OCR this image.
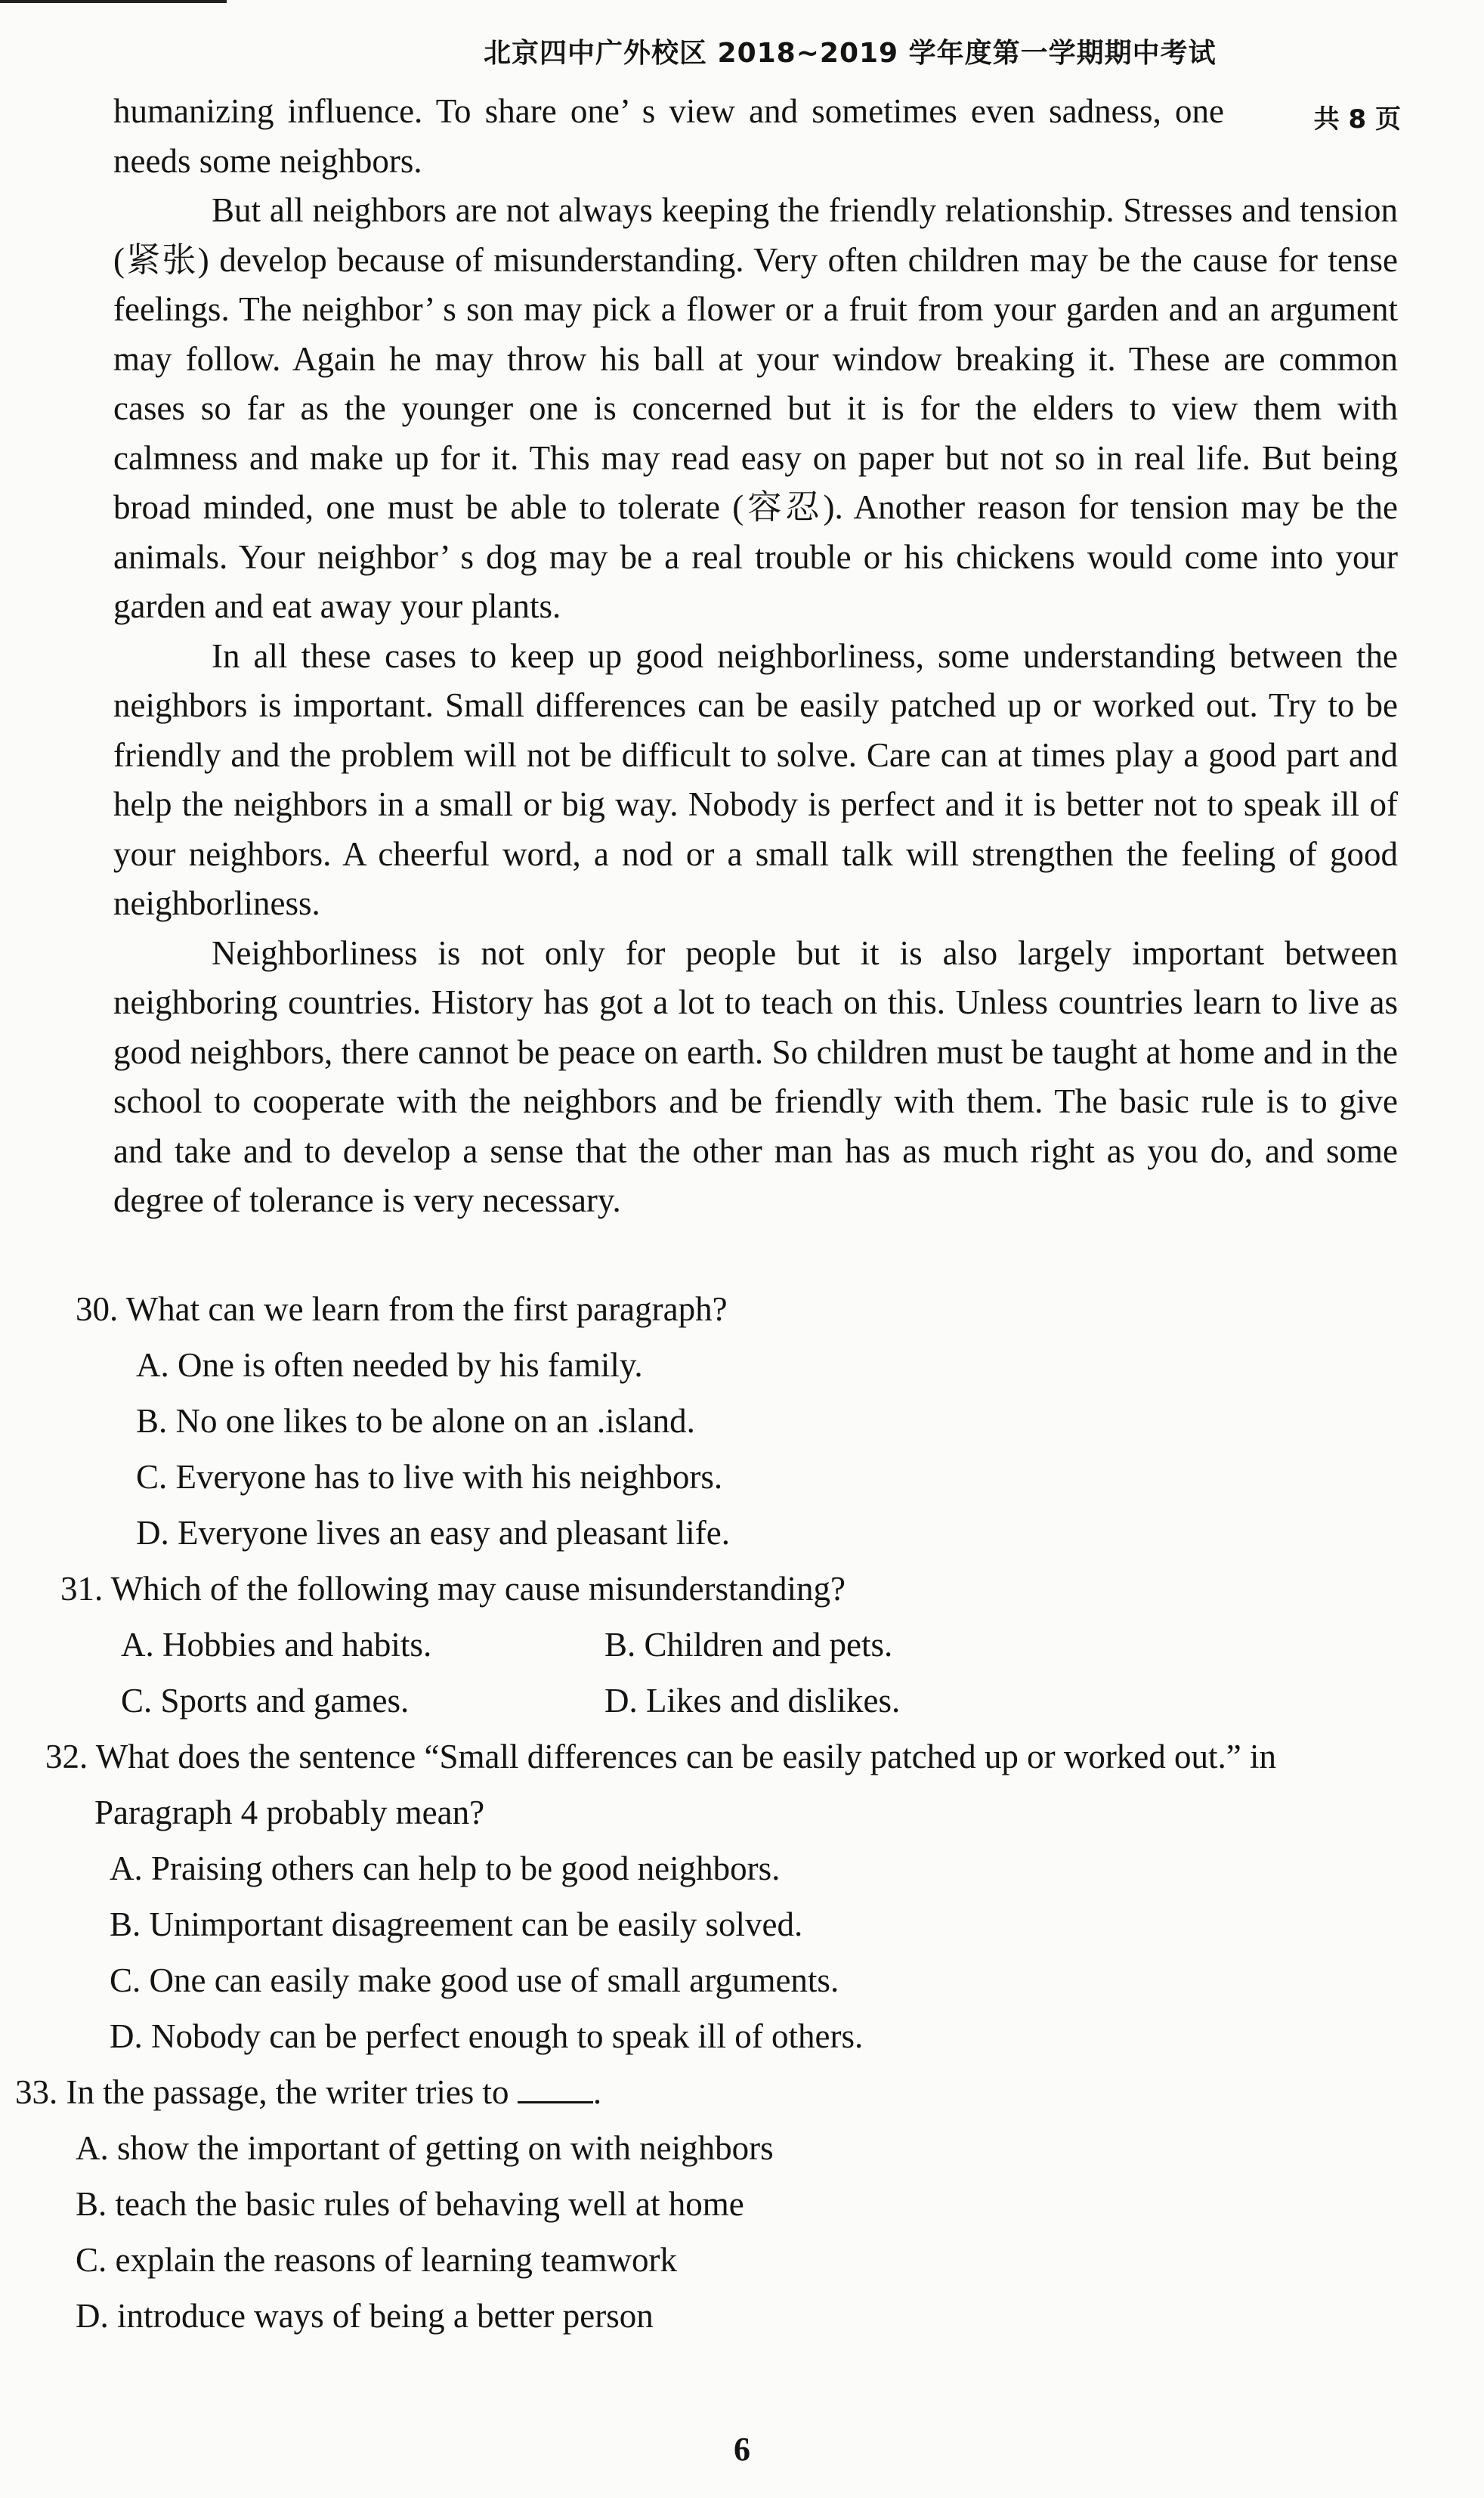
北京四中广外校区 2018~2019 学年度第一学期期中考试
共 8 页

humanizing influence. To share one’ s view and sometimes even sadness, one needs some neighbors.

But all neighbors are not always keeping the friendly relationship. Stresses and tension (紧张) develop because of misunderstanding. Very often children may be the cause for tense feelings. The neighbor’ s son may pick a flower or a fruit from your garden and an argument may follow. Again he may throw his ball at your window breaking it. These are common cases so far as the younger one is concerned but it is for the elders to view them with calmness and make up for it. This may read easy on paper but not so in real life. But being broad minded, one must be able to tolerate (容忍). Another reason for tension may be the animals. Your neighbor’ s dog may be a real trouble or his chickens would come into your garden and eat away your plants.

In all these cases to keep up good neighborliness, some understanding between the neighbors is important. Small differences can be easily patched up or worked out. Try to be friendly and the problem will not be difficult to solve. Care can at times play a good part and help the neighbors in a small or big way. Nobody is perfect and it is better not to speak ill of your neighbors. A cheerful word, a nod or a small talk will strengthen the feeling of good neighborliness.

Neighborliness is not only for people but it is also largely important between neighboring countries. History has got a lot to teach on this. Unless countries learn to live as good neighbors, there cannot be peace on earth. So children must be taught at home and in the school to cooperate with the neighbors and be friendly with them. The basic rule is to give and take and to develop a sense that the other man has as much right as you do, and some degree of tolerance is very necessary.

30. What can we learn from the first paragraph?
A. One is often needed by his family.
B. No one likes to be alone on an .island.
C. Everyone has to live with his neighbors.
D. Everyone lives an easy and pleasant life.
31. Which of the following may cause misunderstanding?
A. Hobbies and habits.	B. Children and pets.
C. Sports and games.	D. Likes and dislikes.
32. What does the sentence “Small differences can be easily patched up or worked out.” in Paragraph 4 probably mean?
A. Praising others can help to be good neighbors.
B. Unimportant disagreement can be easily solved.
C. One can easily make good use of small arguments.
D. Nobody can be perfect enough to speak ill of others.
33. In the passage, the writer tries to .
A. show the important of getting on with neighbors
B. teach the basic rules of behaving well at home
C. explain the reasons of learning teamwork
D. introduce ways of being a better person
6
